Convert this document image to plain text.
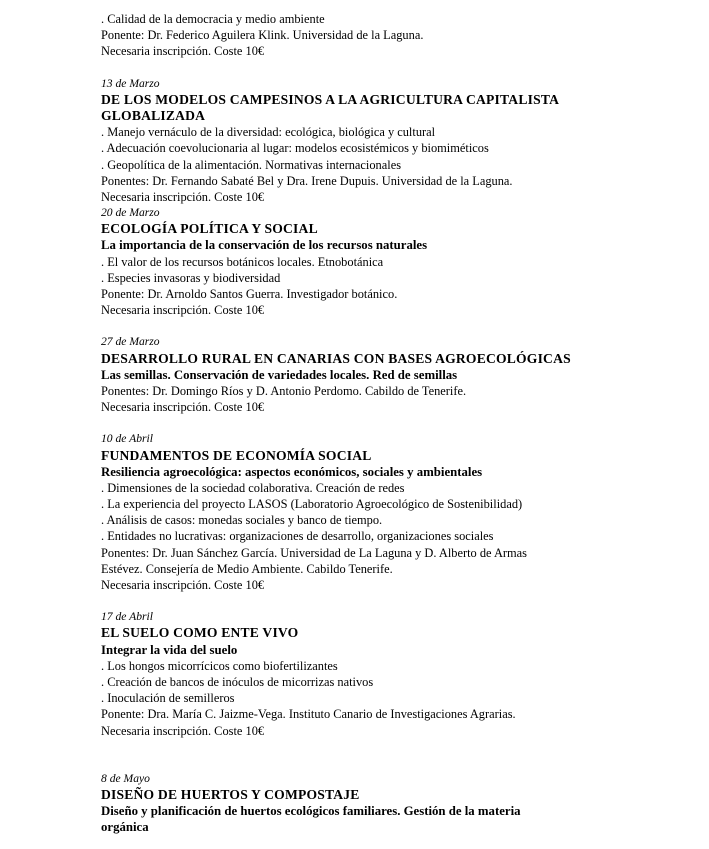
. Calidad de la democracia y medio ambiente
Ponente: Dr. Federico Aguilera Klink. Universidad de la Laguna.
Necesaria inscripción. Coste 10€
13 de Marzo
DE LOS MODELOS CAMPESINOS A LA AGRICULTURA CAPITALISTA
GLOBALIZADA
. Manejo vernáculo de la diversidad: ecológica, biológica y cultural
. Adecuación coevolucionaria al lugar: modelos ecosistémicos y biomiméticos
. Geopolítica de la alimentación. Normativas internacionales
Ponentes: Dr. Fernando Sabaté Bel y Dra. Irene Dupuis. Universidad de la Laguna.
Necesaria inscripción. Coste 10€
20 de Marzo
ECOLOGÍA POLÍTICA Y SOCIAL
La importancia de la conservación de los recursos naturales
. El valor de los recursos botánicos locales. Etnobotánica
. Especies invasoras y biodiversidad
Ponente: Dr. Arnoldo Santos Guerra. Investigador botánico.
Necesaria inscripción. Coste 10€
27 de Marzo
DESARROLLO RURAL EN CANARIAS CON BASES AGROECOLÓGICAS
Las semillas. Conservación de variedades locales. Red de semillas
Ponentes: Dr. Domingo Ríos y D. Antonio Perdomo. Cabildo de Tenerife.
Necesaria inscripción. Coste 10€
10 de Abril
FUNDAMENTOS DE ECONOMÍA SOCIAL
Resiliencia agroecológica: aspectos económicos, sociales y ambientales
. Dimensiones de la sociedad colaborativa. Creación de redes
. La experiencia del proyecto LASOS (Laboratorio Agroecológico de Sostenibilidad)
. Análisis de casos: monedas sociales y banco de tiempo.
. Entidades no lucrativas: organizaciones de desarrollo, organizaciones sociales
Ponentes: Dr. Juan Sánchez García. Universidad de La Laguna y D. Alberto de Armas
Estévez. Consejería de Medio Ambiente. Cabildo Tenerife.
Necesaria inscripción. Coste 10€
17 de Abril
EL SUELO COMO ENTE VIVO
Integrar la vida del suelo
. Los hongos micorrícicos como biofertilizantes
. Creación de bancos de inóculos de micorrizas nativos
. Inoculación de semilleros
Ponente: Dra. María C. Jaizme-Vega. Instituto Canario de Investigaciones Agrarias.
Necesaria inscripción. Coste 10€
8 de Mayo
DISEÑO DE HUERTOS Y COMPOSTAJE
Diseño y planificación de huertos ecológicos familiares. Gestión de la materia
orgánica
